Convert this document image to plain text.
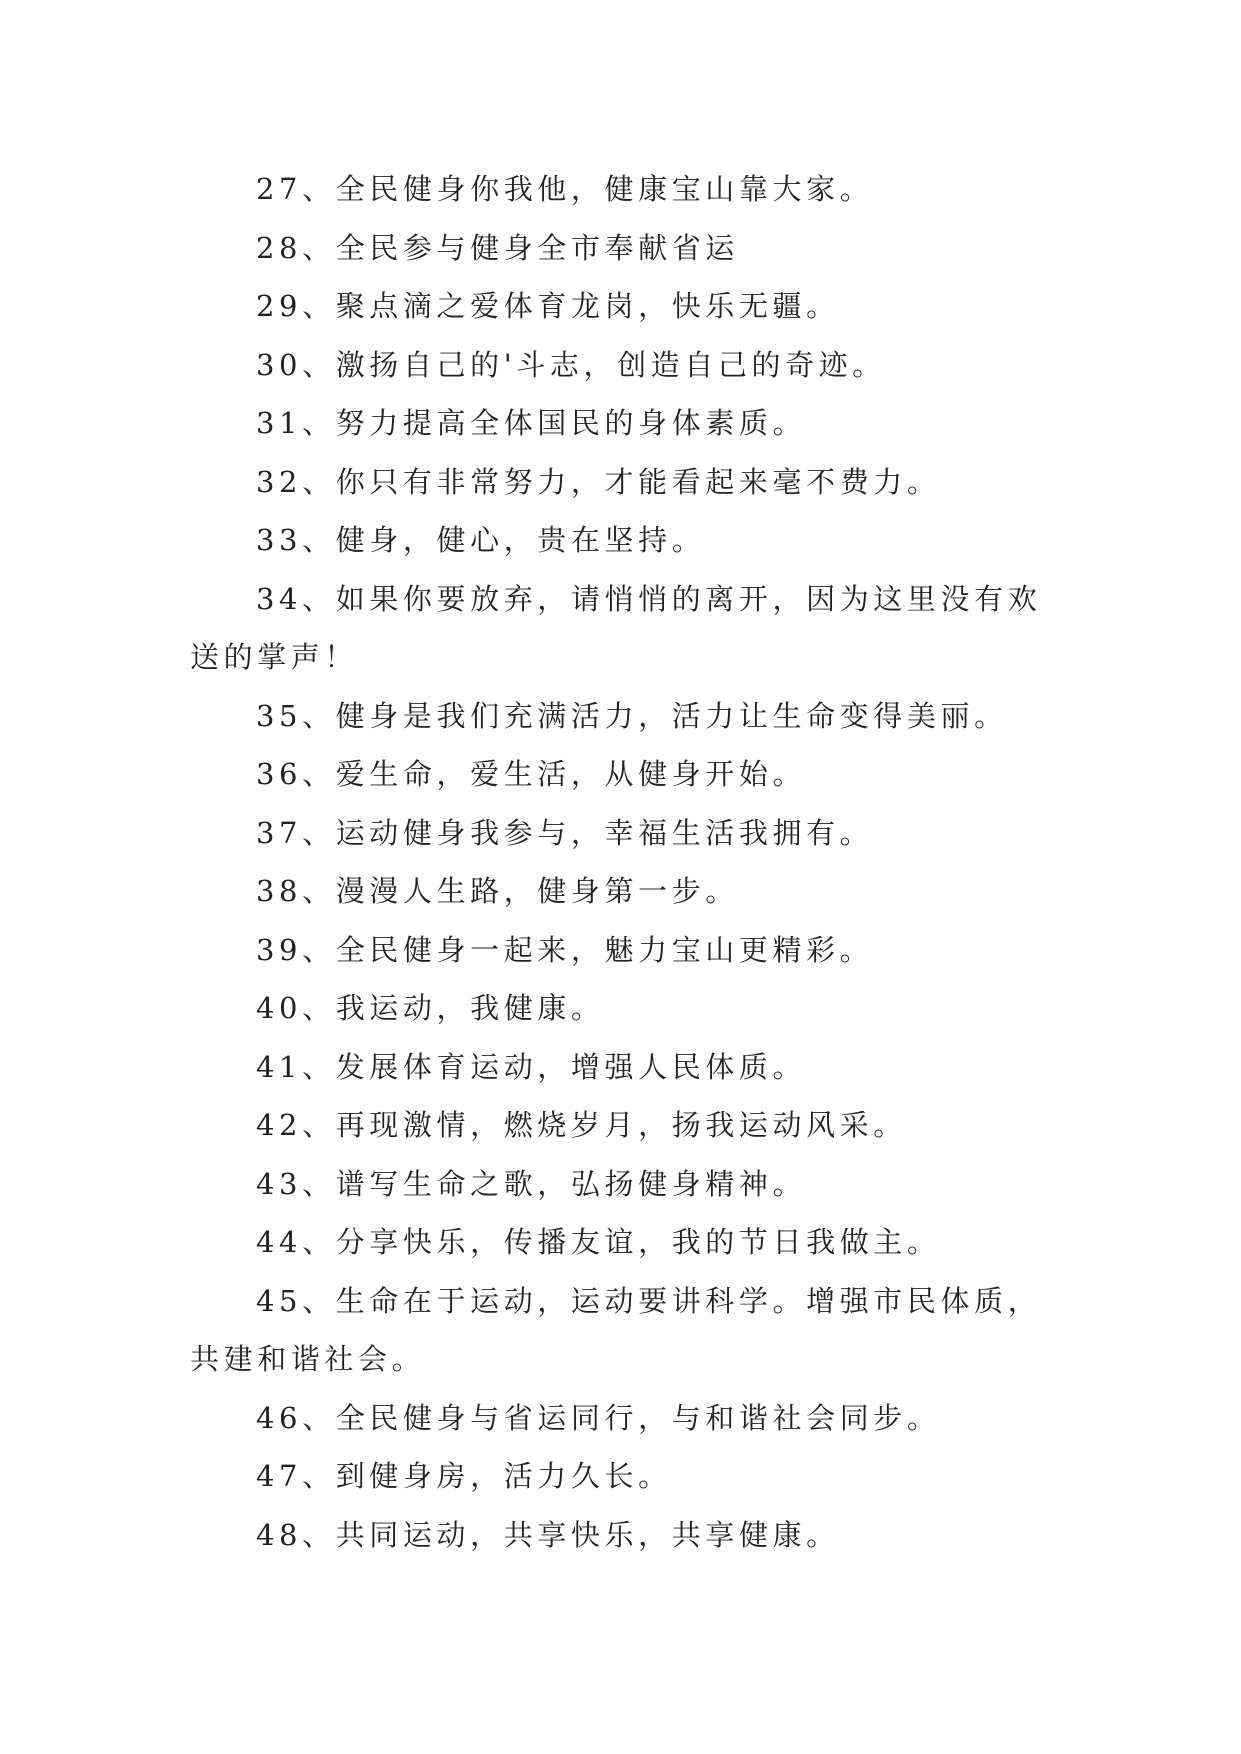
27、全民健身你我他，健康宝山靠大家。

28、全民参与健身全市奉献省运

29、聚点滴之爱体育龙岗，快乐无疆。

30、激扬自己的'斗志，创造自己的奇迹。

31、努力提高全体国民的身体素质。

32、你只有非常努力，才能看起来毫不费力。

33、健身，健心，贵在坚持。

34、如果你要放弃，请悄悄的离开，因为这里没有欢送的掌声！

35、健身是我们充满活力，活力让生命变得美丽。

36、爱生命，爱生活，从健身开始。

37、运动健身我参与，幸福生活我拥有。

38、漫漫人生路，健身第一步。

39、全民健身一起来，魅力宝山更精彩。

40、我运动，我健康。

41、发展体育运动，增强人民体质。

42、再现激情，燃烧岁月，扬我运动风采。

43、谱写生命之歌，弘扬健身精神。

44、分享快乐，传播友谊，我的节日我做主。

45、生命在于运动，运动要讲科学。增强市民体质，共建和谐社会。

46、全民健身与省运同行，与和谐社会同步。

47、到健身房，活力久长。

48、共同运动，共享快乐，共享健康。
